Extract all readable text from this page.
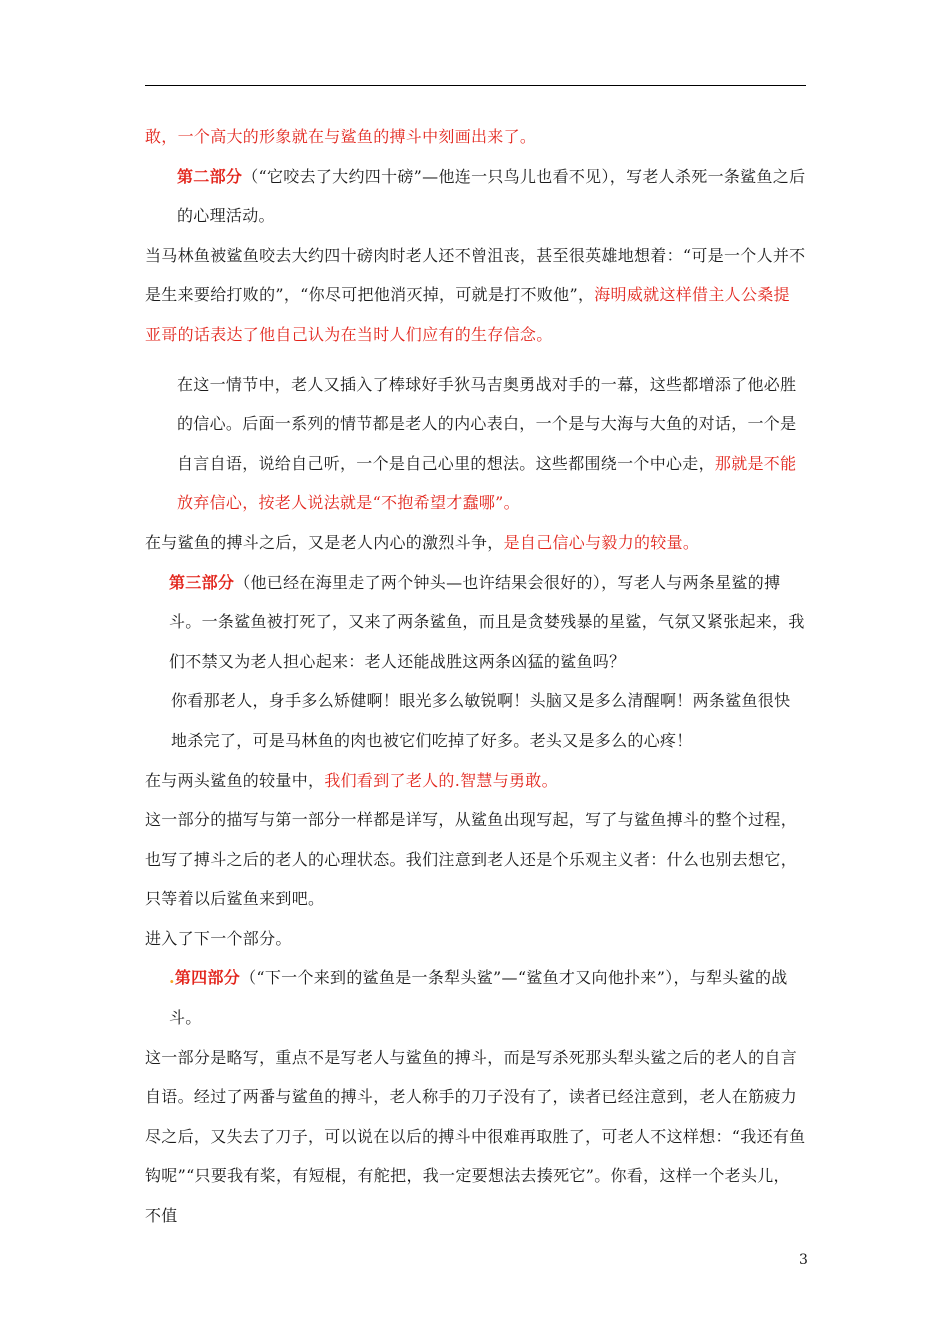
敢，一个高大的形象就在与鲨鱼的搏斗中刻画出来了。

第二部分（“它咬去了大约四十磅”—他连一只鸟儿也看不见），写老人杀死一条鲨鱼之后的心理活动。

当马林鱼被鲨鱼咬去大约四十磅肉时老人还不曾沮丧，甚至很英雄地想着：“可是一个人并不是生来要给打败的”，“你尽可把他消灭掉，可就是打不败他”，海明威就这样借主人公桑提亚哥的话表达了他自己认为在当时人们应有的生存信念。

在这一情节中，老人又插入了棒球好手狄马吉奥勇战对手的一幕，这些都增添了他必胜的信心。后面一系列的情节都是老人的内心表白，一个是与大海与大鱼的对话，一个是自言自语，说给自己听，一个是自己心里的想法。这些都围绕一个中心走，那就是不能放弃信心，按老人说法就是“不抱希望才蠢哪”。

在与鲨鱼的搏斗之后，又是老人内心的激烈斗争，是自己信心与毅力的较量。

第三部分（他已经在海里走了两个钟头—也许结果会很好的），写老人与两条星鲨的搏斗。一条鲨鱼被打死了，又来了两条鲨鱼，而且是贪婪残暴的星鲨，气氛又紧张起来，我们不禁又为老人担心起来：老人还能战胜这两条凶猛的鲨鱼吗？

你看那老人，身手多么矫健啊！眼光多么敏锐啊！头脑又是多么清醒啊！两条鲨鱼很快地杀完了，可是马林鱼的肉也被它们吃掉了好多。老头又是多么的心疼！

在与两头鲨鱼的较量中，我们看到了老人的.智慧与勇敢。

这一部分的描写与第一部分一样都是详写，从鲨鱼出现写起，写了与鲨鱼搏斗的整个过程，也写了搏斗之后的老人的心理状态。我们注意到老人还是个乐观主义者：什么也别去想它，只等着以后鲨鱼来到吧。

进入了下一个部分。

.第四部分（“下一个来到的鲨鱼是一条犁头鲨”—“鲨鱼才又向他扑来”），与犁头鲨的战斗。

这一部分是略写，重点不是写老人与鲨鱼的搏斗，而是写杀死那头犁头鲨之后的老人的自言自语。经过了两番与鲨鱼的搏斗，老人称手的刀子没有了，读者已经注意到，老人在筋疲力尽之后，又失去了刀子，可以说在以后的搏斗中很难再取胜了，可老人不这样想：“我还有鱼钩呢”“只要我有桨，有短棍，有舵把，我一定要想法去揍死它”。你看，这样一个老头儿，不值

3
